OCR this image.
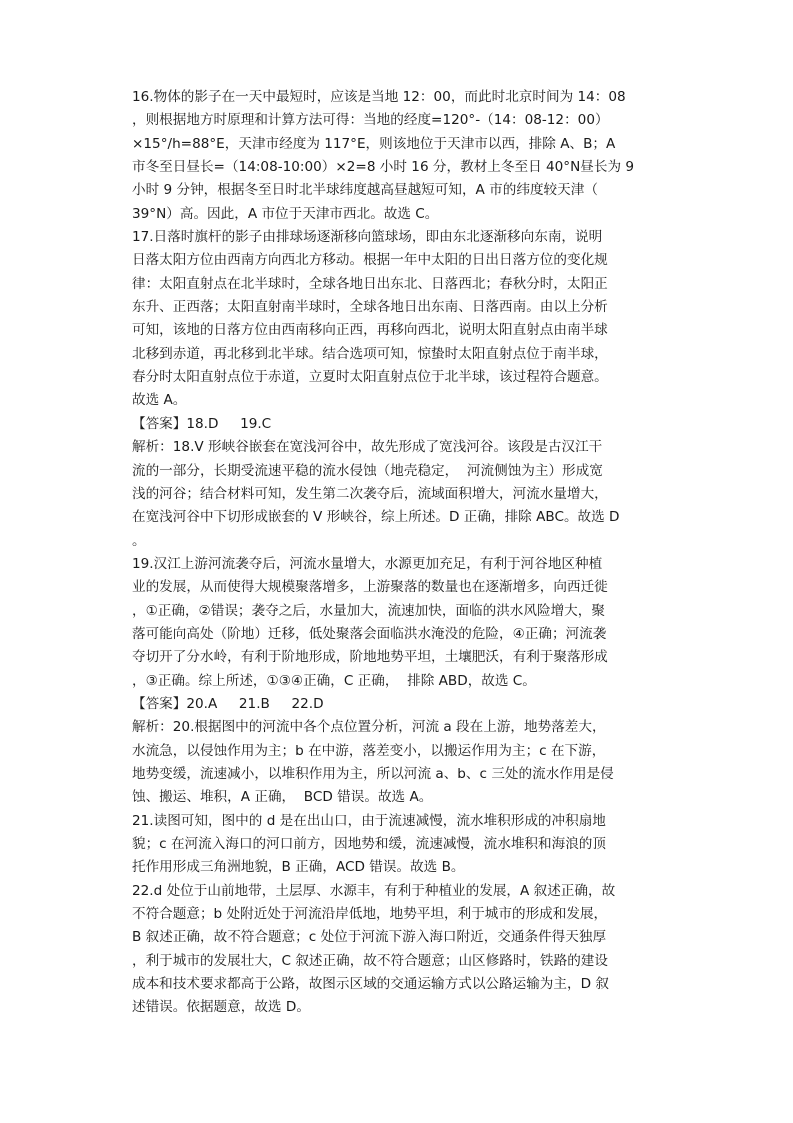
16.物体的影子在一天中最短时，应该是当地 12：00，而此时北京时间为 14：08
，则根据地方时原理和计算方法可得：当地的经度=120°-（14：08-12：00）
×15°/h=88°E，天津市经度为 117°E，则该地位于天津市以西，排除 A、B；A
市冬至日昼长=（14:08-10:00）×2=8 小时 16 分，教材上冬至日 40°N昼长为 9
小时 9 分钟，根据冬至日时北半球纬度越高昼越短可知，A 市的纬度较天津（
39°N）高。因此，A 市位于天津市西北。故选 C。
17.日落时旗杆的影子由排球场逐渐移向篮球场，即由东北逐渐移向东南，说明
日落太阳方位由西南方向西北方移动。根据一年中太阳的日出日落方位的变化规
律：太阳直射点在北半球时，全球各地日出东北、日落西北；春秋分时，太阳正
东升、正西落；太阳直射南半球时，全球各地日出东南、日落西南。由以上分析
可知，该地的日落方位由西南移向正西，再移向西北，说明太阳直射点由南半球
北移到赤道，再北移到北半球。结合选项可知，惊蛰时太阳直射点位于南半球，
春分时太阳直射点位于赤道，立夏时太阳直射点位于北半球，该过程符合题意。
故选 A。
【答案】18.D     19.C
解析：18.V 形峡谷嵌套在宽浅河谷中，故先形成了宽浅河谷。该段是古汉江干
流的一部分，长期受流速平稳的流水侵蚀（地壳稳定，  河流侧蚀为主）形成宽
浅的河谷；结合材料可知，发生第二次袭夺后，流域面积增大，河流水量增大，
在宽浅河谷中下切形成嵌套的 V 形峡谷，综上所述。D 正确，排除 ABC。故选 D
。
19.汉江上游河流袭夺后，河流水量增大，水源更加充足，有利于河谷地区种植
业的发展，从而使得大规模聚落增多，上游聚落的数量也在逐渐增多，向西迁徙
，①正确，②错误；袭夺之后，水量加大，流速加快，面临的洪水风险增大，聚
落可能向高处（阶地）迁移，低处聚落会面临洪水淹没的危险，④正确；河流袭
夺切开了分水岭，有利于阶地形成，阶地地势平坦，土壤肥沃，有利于聚落形成
，③正确。综上所述，①③④正确，C 正确，  排除 ABD，故选 C。
【答案】20.A     21.B     22.D
解析：20.根据图中的河流中各个点位置分析，河流 a 段在上游，地势落差大，
水流急，以侵蚀作用为主；b 在中游，落差变小，以搬运作用为主；c 在下游，
地势变缓，流速减小，以堆积作用为主，所以河流 a、b、c 三处的流水作用是侵
蚀、搬运、堆积，A 正确，  BCD 错误。故选 A。
21.读图可知，图中的 d 是在出山口，由于流速减慢，流水堆积形成的冲积扇地
貌；c 在河流入海口的河口前方，因地势和缓，流速减慢，流水堆积和海浪的顶
托作用形成三角洲地貌，B 正确，ACD 错误。故选 B。
22.d 处位于山前地带，土层厚、水源丰，有利于种植业的发展，A 叙述正确，故
不符合题意；b 处附近处于河流沿岸低地，地势平坦，利于城市的形成和发展，
B 叙述正确，故不符合题意；c 处位于河流下游入海口附近，交通条件得天独厚
，利于城市的发展壮大，C 叙述正确，故不符合题意；山区修路时，铁路的建设
成本和技术要求都高于公路，故图示区域的交通运输方式以公路运输为主，D 叙
述错误。依据题意，故选 D。
